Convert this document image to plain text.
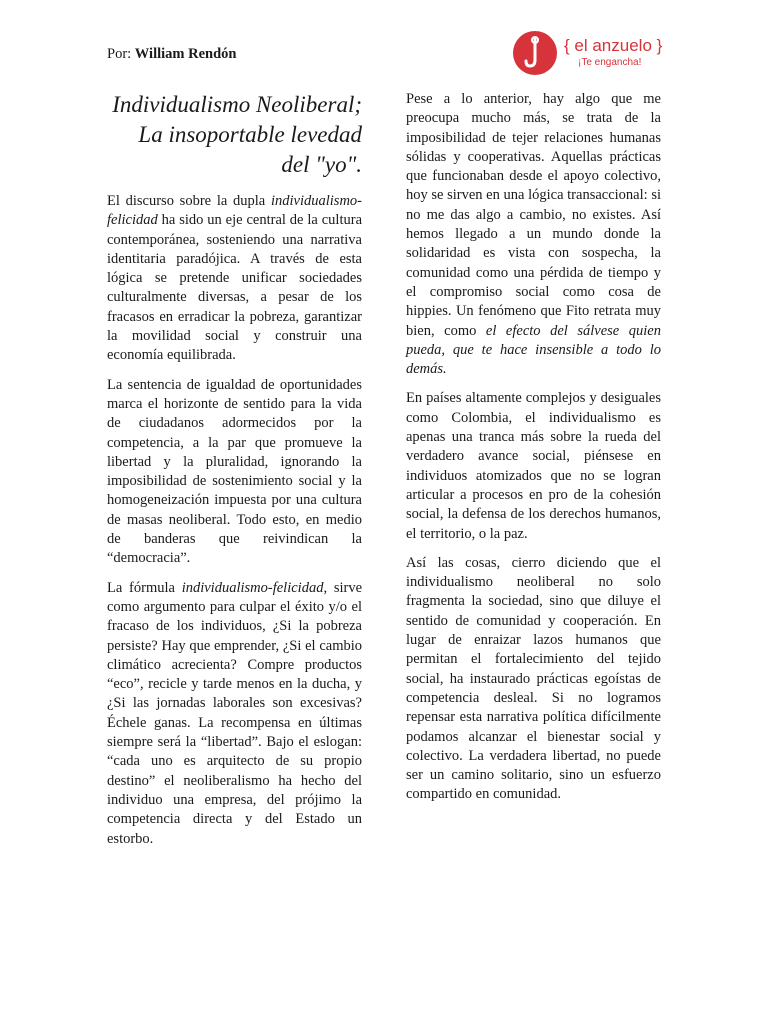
Por: William Rendón	{ el anzuelo }
¡Te engancha!
Individualismo Neoliberal; La insoportable levedad del "yo".

El discurso sobre la dupla individualismo-felicidad ha sido un eje central de la cultura contemporánea, sosteniendo una narrativa identitaria paradójica. A través de esta lógica se pretende unificar sociedades culturalmente diversas, a pesar de los fracasos en erradicar la pobreza, garantizar la movilidad social y construir una economía equilibrada.

La sentencia de igualdad de oportunidades marca el horizonte de sentido para la vida de ciudadanos adormecidos por la competencia, a la par que promueve la libertad y la pluralidad, ignorando la imposibilidad de sostenimiento social y la homogeneización impuesta por una cultura de masas neoliberal. Todo esto, en medio de banderas que reivindican la “democracia”.

La fórmula individualismo-felicidad, sirve como argumento para culpar el éxito y/o el fracaso de los individuos, ¿Si la pobreza persiste? Hay que emprender, ¿Si el cambio climático acrecienta? Compre productos “eco”, recicle y tarde menos en la ducha, y ¿Si las jornadas laborales son excesivas? Échele ganas. La recompensa en últimas siempre será la “libertad”. Bajo el eslogan: “cada uno es arquitecto de su propio destino” el neoliberalismo ha hecho del individuo una empresa, del prójimo la competencia directa y del Estado un estorbo.

Pese a lo anterior, hay algo que me preocupa mucho más, se trata de la imposibilidad de tejer relaciones humanas sólidas y cooperativas. Aquellas prácticas que funcionaban desde el apoyo colectivo, hoy se sirven en una lógica transaccional: si no me das algo a cambio, no existes. Así hemos llegado a un mundo donde la solidaridad es vista con sospecha, la comunidad como una pérdida de tiempo y el compromiso social como cosa de hippies. Un fenómeno que Fito retrata muy bien, como el efecto del sálvese quien pueda, que te hace insensible a todo lo demás.

En países altamente complejos y desiguales como Colombia, el individualismo es apenas una tranca más sobre la rueda del verdadero avance social, piénsese en individuos atomizados que no se logran articular a procesos en pro de la cohesión social, la defensa de los derechos humanos, el territorio, o la paz.

Así las cosas, cierro diciendo que el individualismo neoliberal no solo fragmenta la sociedad, sino que diluye el sentido de comunidad y cooperación. En lugar de enraizar lazos humanos que permitan el fortalecimiento del tejido social, ha instaurado prácticas egoístas de competencia desleal. Si no logramos repensar esta narrativa política difícilmente podamos alcanzar el bienestar social y colectivo. La verdadera libertad, no puede ser un camino solitario, sino un esfuerzo compartido en comunidad.
